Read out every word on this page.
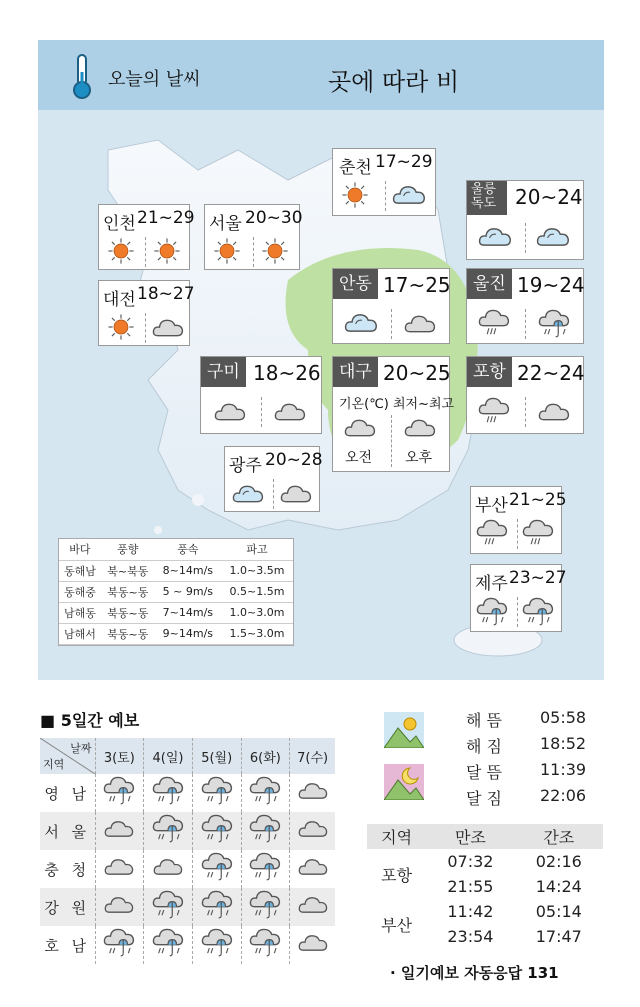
오늘의 날씨	곳에 따라 비
춘천 17~29
인천 21~29 서울 20~30
대전 18~27
울릉
독도 20~24
안동 17~25	울진 19~24
구미 18~26	대구 20~25
기온(℃) 최저~최고
오전 오후
포항 22~24
광주 20~28
부산 21~25
제주 23~27
바다	풍향	풍속	파고
동해남	북~북동	8~14m/s	1.0~3.5m
동해중	북동~동	5 ~ 9m/s	0.5~1.5m
남해동	북동~동	7~14m/s	1.0~3.0m
남해서	북동~동	9~14m/s	1.5~3.0m
■ 5일간 예보
날짜
지역	3(토)	4(일)	5(월)	6(화)	7(수)
영 남					
서 울					
충 청					
강 원					
호 남					
해 뜸 05:58
해 짐 18:52
달 뜸 11:39
달 짐 22:06
지역	만조	간조
포항	07:32	02:16
	21:55	14:24
부산	11:42	05:14
	23:54	17:47
· 일기예보 자동응답 131
